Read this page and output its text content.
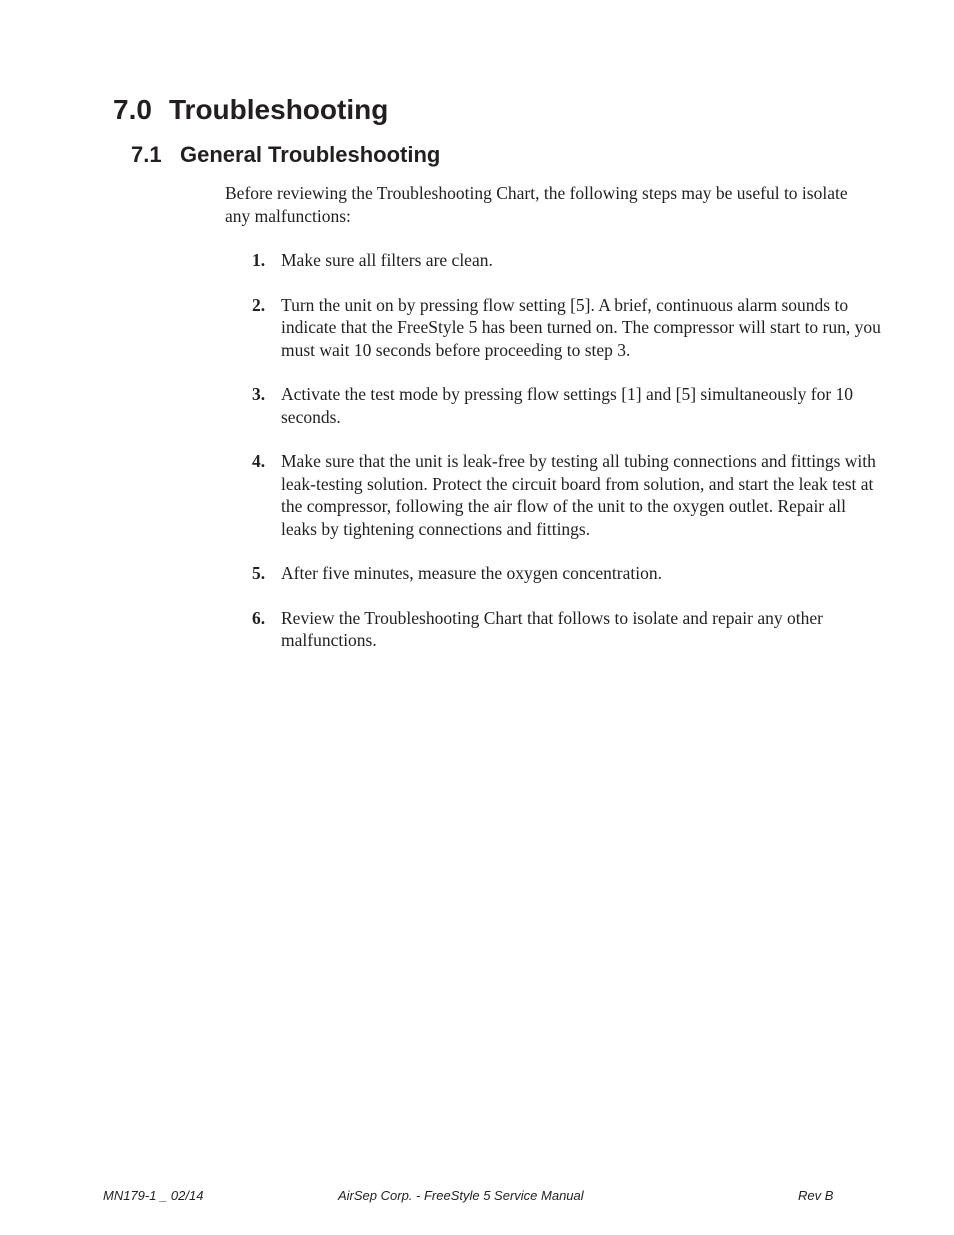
7.0 Troubleshooting
7.1 General Troubleshooting

Before reviewing the Troubleshooting Chart, the following steps may be useful to isolate any malfunctions:

1. Make sure all filters are clean.
2. Turn the unit on by pressing flow setting [5]. A brief, continuous alarm sounds to indicate that the FreeStyle 5 has been turned on. The compressor will start to run, you must wait 10 seconds before proceeding to step 3.
3. Activate the test mode by pressing flow settings [1] and [5] simultaneously for 10 seconds.
4. Make sure that the unit is leak-free by testing all tubing connections and fittings with leak-testing solution. Protect the circuit board from solution, and start the leak test at the compressor, following the air flow of the unit to the oxygen outlet. Repair all leaks by tightening connections and fittings.
5. After five minutes, measure the oxygen concentration.
6. Review the Troubleshooting Chart that follows to isolate and repair any other malfunctions.
MN179-1 _ 02/14	AirSep Corp. - FreeStyle 5 Service Manual	Rev B
